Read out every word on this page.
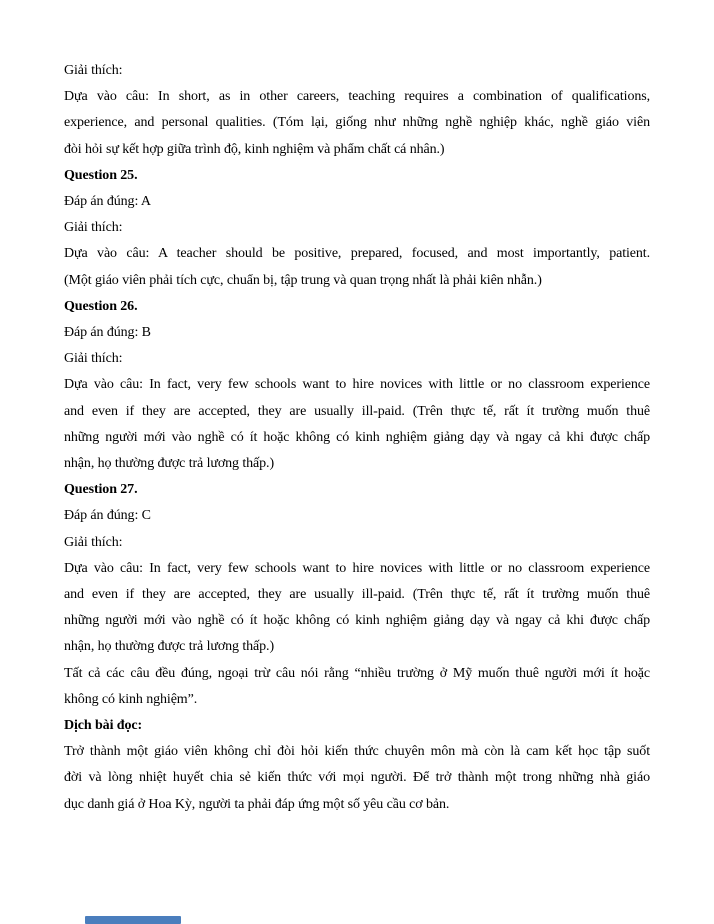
Giải thích:
Dựa vào câu: In short, as in other careers, teaching requires a combination of qualifications,
experience, and personal qualities. (Tóm lại, giống như những nghề nghiệp khác, nghề giáo viên
đòi hỏi sự kết hợp giữa trình độ, kinh nghiệm và phẩm chất cá nhân.)
Question 25.
Đáp án đúng: A
Giải thích:
Dựa vào câu: A teacher should be positive, prepared, focused, and most importantly, patient.
(Một giáo viên phải tích cực, chuẩn bị, tập trung và quan trọng nhất là phải kiên nhẫn.)
Question 26.
Đáp án đúng: B
Giải thích:
Dựa vào câu: In fact, very few schools want to hire novices with little or no classroom experience
and even if they are accepted, they are usually ill-paid. (Trên thực tế, rất ít trường muốn thuê
những người mới vào nghề có ít hoặc không có kinh nghiệm giảng dạy và ngay cả khi được chấp
nhận, họ thường được trả lương thấp.)
Question 27.
Đáp án đúng: C
Giải thích:
Dựa vào câu: In fact, very few schools want to hire novices with little or no classroom experience
and even if they are accepted, they are usually ill-paid. (Trên thực tế, rất ít trường muốn thuê
những người mới vào nghề có ít hoặc không có kinh nghiệm giảng dạy và ngay cả khi được chấp
nhận, họ thường được trả lương thấp.)
Tất cả các câu đều đúng, ngoại trừ câu nói rằng “nhiều trường ở Mỹ muốn thuê người mới ít hoặc
không có kinh nghiệm”.
Dịch bài đọc:
Trở thành một giáo viên không chỉ đòi hỏi kiến thức chuyên môn mà còn là cam kết học tập suốt
đời và lòng nhiệt huyết chia sẻ kiến thức với mọi người. Để trở thành một trong những nhà giáo
dục danh giá ở Hoa Kỳ, người ta phải đáp ứng một số yêu cầu cơ bản.
